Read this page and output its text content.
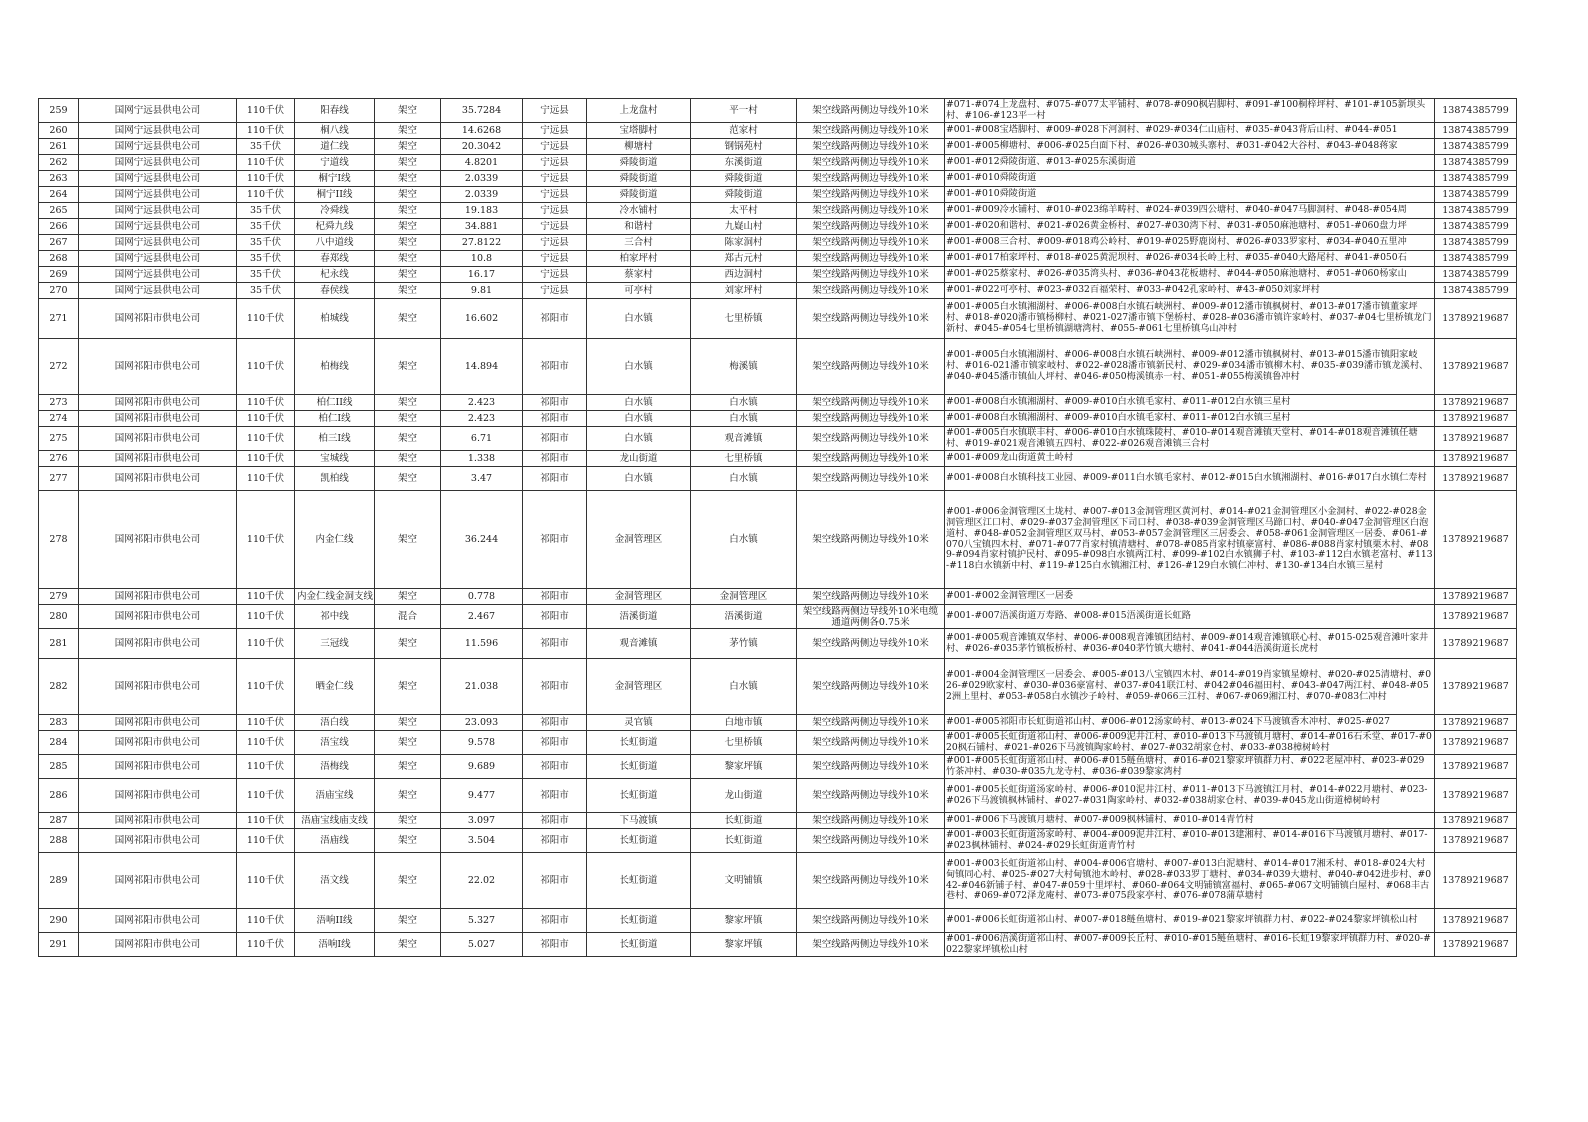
259	国网宁远县供电公司	110千伏	阳春线	架空	35.7284	宁远县	上龙盘村	平一村	架空线路两侧边导线外10米	#071-#074上龙盘村、#075-#077太平铺村、#078-#090枫岩脚村、#091-#100桐梓坪村、#101-#105新坝头村、#106-#123平一村	13874385799
260	国网宁远县供电公司	110千伏	桐八线	架空	14.6268	宁远县	宝塔脚村	范家村	架空线路两侧边导线外10米	#001-#008宝塔脚村、#009-#028下河洞村、#029-#034仁山庙村、#035-#043背后山村、#044-#051	13874385799
261	国网宁远县供电公司	35千伏	道仁线	架空	20.3042	宁远县	柳塘村	钢锅苑村	架空线路两侧边导线外10米	#001-#005柳塘村、#006-#025白面下村、#026-#030城头寨村、#031-#042大谷村、#043-#048蒋家	13874385799
262	国网宁远县供电公司	110千伏	宁道线	架空	4.8201	宁远县	舜陵街道	东溪街道	架空线路两侧边导线外10米	#001-#012舜陵街道、#013-#025东溪街道	13874385799
263	国网宁远县供电公司	110千伏	桐宁I线	架空	2.0339	宁远县	舜陵街道	舜陵街道	架空线路两侧边导线外10米	#001-#010舜陵街道	13874385799
264	国网宁远县供电公司	110千伏	桐宁II线	架空	2.0339	宁远县	舜陵街道	舜陵街道	架空线路两侧边导线外10米	#001-#010舜陵街道	13874385799
265	国网宁远县供电公司	35千伏	冷舜线	架空	19.183	宁远县	冷水铺村	太平村	架空线路两侧边导线外10米	#001-#009冷水铺村、#010-#023绵羊畴村、#024-#039四公塘村、#040-#047马脚洞村、#048-#054周	13874385799
266	国网宁远县供电公司	35千伏	杞舜九线	架空	34.881	宁远县	和谐村	九嶷山村	架空线路两侧边导线外10米	#001-#020和谐村、#021-#026黄金桥村、#027-#030湾下村、#031-#050麻池塘村、#051-#060盘力坪	13874385799
267	国网宁远县供电公司	35千伏	八中道线	架空	27.8122	宁远县	三合村	陈家洞村	架空线路两侧边导线外10米	#001-#008三合村、#009-#018鸡公岭村、#019-#025野鹿岗村、#026-#033罗家村、#034-#040五里冲	13874385799
268	国网宁远县供电公司	35千伏	春郑线	架空	10.8	宁远县	柏家坪村	郑古元村	架空线路两侧边导线外10米	#001-#017柏家坪村、#018-#025黄泥坝村、#026-#034长岭上村、#035-#040大路尾村、#041-#050石	13874385799
269	国网宁远县供电公司	35千伏	杞永线	架空	16.17	宁远县	蔡家村	西边洞村	架空线路两侧边导线外10米	#001-#025蔡家村、#026-#035湾头村、#036-#043花板塘村、#044-#050麻池塘村、#051-#060杨家山	13874385799
270	国网宁远县供电公司	35千伏	春侯线	架空	9.81	宁远县	可亭村	刘家坪村	架空线路两侧边导线外10米	#001-#022可亭村、#023-#032百福荣村、#033-#042孔家岭村、#43-#050刘家坪村	13874385799
271	国网祁阳市供电公司	110千伏	柏城线	架空	16.602	祁阳市	白水镇	七里桥镇	架空线路两侧边导线外10米	#001-#005白水镇湘湖村、#006-#008白水镇石峡洲村、#009-#012潘市镇枫树村、#013-#017潘市镇董家坪村、#018-#020潘市镇杨柳村、#021-027潘市镇下堡桥村、#028-#036潘市镇许家岭村、#037-#04七里桥镇龙门新村、#045-#054七里桥镇湖塘湾村、#055-#061七里桥镇乌山冲村	13789219687
272	国网祁阳市供电公司	110千伏	柏梅线	架空	14.894	祁阳市	白水镇	梅溪镇	架空线路两侧边导线外10米	#001-#005白水镇湘湖村、#006-#008白水镇石峡洲村、#009-#012潘市镇枫树村、#013-#015潘市镇阳家岐村、#016-021潘市镇家岐村、#022-#028潘市镇新民村、#029-#034潘市镇柳木村、#035-#039潘市镇龙溪村、#040-#045潘市镇仙人坪村、#046-#050梅溪镇赤一村、#051-#055梅溪镇鲁冲村	13789219687
273	国网祁阳市供电公司	110千伏	柏仁II线	架空	2.423	祁阳市	白水镇	白水镇	架空线路两侧边导线外10米	#001-#008白水镇湘湖村、#009-#010白水镇毛家村、#011-#012白水镇三星村	13789219687
274	国网祁阳市供电公司	110千伏	柏仁I线	架空	2.423	祁阳市	白水镇	白水镇	架空线路两侧边导线外10米	#001-#008白水镇湘湖村、#009-#010白水镇毛家村、#011-#012白水镇三星村	13789219687
275	国网祁阳市供电公司	110千伏	柏三I线	架空	6.71	祁阳市	白水镇	观音滩镇	架空线路两侧边导线外10米	#001-#005白水镇联丰村、#006-#010白水镇珠陵村、#010-#014观音滩镇天堂村、#014-#018观音滩镇任塘村、#019-#021观音滩镇五四村、#022-#026观音滩镇三合村	13789219687
276	国网祁阳市供电公司	110千伏	宝城线	架空	1.338	祁阳市	龙山街道	七里桥镇	架空线路两侧边导线外10米	#001-#009龙山街道黄土岭村	13789219687
277	国网祁阳市供电公司	110千伏	凯柏线	架空	3.47	祁阳市	白水镇	白水镇	架空线路两侧边导线外10米	#001-#008白水镇科技工业园、#009-#011白水镇毛家村、#012-#015白水镇湘湖村、#016-#017白水镇仁寿村	13789219687
278	国网祁阳市供电公司	110千伏	内金仁线	架空	36.244	祁阳市	金洞管理区	白水镇	架空线路两侧边导线外10米	#001-#006金洞管理区土垅村、#007-#013金洞管理区黄河村、#014-#021金洞管理区小金洞村、#022-#028金洞管理区江口村、#029-#037金洞管理区下司口村、#038-#039金洞管理区马蹄口村、#040-#047金洞管理区白泡道村、#048-#052金洞管理区双马村、#053-#057金洞管理区三居委会、#058-#061金洞管理区一居委、#061-#070八宝镇四木村、#071-#077肖家村镇清塘村、#078-#085肖家村镇豪富村、#086-#088肖家村镇栗木村、#089-#094肖家村镇护民村、#095-#098白水镇两江村、#099-#102白水镇狮子村、#103-#112白水镇老富村、#113-#118白水镇新中村、#119-#125白水镇湘江村、#126-#129白水镇仁冲村、#130-#134白水镇三星村	13789219687
279	国网祁阳市供电公司	110千伏	内金仁线金洞支线	架空	0.778	祁阳市	金洞管理区	金洞管理区	架空线路两侧边导线外10米	#001-#002金洞管理区一居委	13789219687
280	国网祁阳市供电公司	110千伏	祁中线	混合	2.467	祁阳市	浯溪街道	浯溪街道	架空线路两侧边导线外10米电缆通道两侧各0.75米	#001-#007浯溪街道万寿路、#008-#015浯溪街道长虹路	13789219687
281	国网祁阳市供电公司	110千伏	三冠线	架空	11.596	祁阳市	观音滩镇	茅竹镇	架空线路两侧边导线外10米	#001-#005观音滩镇双华村、#006-#008观音滩镇团结村、#009-#014观音滩镇联心村、#015-025观音滩叶家井村、#026-#035茅竹镇板桥村、#036-#040茅竹镇大塘村、#041-#044浯溪街道长虎村	13789219687
282	国网祁阳市供电公司	110千伏	晒金仁线	架空	21.038	祁阳市	金洞管理区	白水镇	架空线路两侧边导线外10米	#001-#004金洞管理区一居委会、#005-#013八宝镇四木村、#014-#019肖家镇星燎村、#020-#025清塘村、#026-#029欧家村、#030-#036豪富村、#037-#041联江村、#042#046福田村、#043-#047两江村、#048-#052洲上里村、#053-#058白水镇沙子岭村、#059-#066三江村、#067-#069湘江村、#070-#083仁冲村	13789219687
283	国网祁阳市供电公司	110千伏	浯白线	架空	23.093	祁阳市	灵官镇	白地市镇	架空线路两侧边导线外10米	#001-#005祁阳市长虹街道祁山村、#006-#012汤家岭村、#013-#024下马渡镇香木冲村、#025-#027	13789219687
284	国网祁阳市供电公司	110千伏	浯宝线	架空	9.578	祁阳市	长虹街道	七里桥镇	架空线路两侧边导线外10米	#001-#005长虹街道祁山村、#006-#009泥井江村、#010-#013下马渡镇月塘村、#014-#016石禾堂、#017-#020枫石铺村、#021-#026下马渡镇陶家岭村、#027-#032胡家仓村、#033-#038樟树岭村	13789219687
285	国网祁阳市供电公司	110千伏	浯梅线	架空	9.689	祁阳市	长虹街道	黎家坪镇	架空线路两侧边导线外10米	#001-#005长虹街道祁山村、#006-#015鲢鱼塘村、#016-#021黎家坪镇群力村、#022老屋冲村、#023-#029竹茶冲村、#030-#035九龙寺村、#036-#039黎家湾村	13789219687
286	国网祁阳市供电公司	110千伏	浯庙宝线	架空	9.477	祁阳市	长虹街道	龙山街道	架空线路两侧边导线外10米	#001-#005长虹街道汤家岭村、#006-#010泥井江村、#011-#013下马渡镇江月村、#014-#022月塘村、#023-#026下马渡镇枫林铺村、#027-#031陶家岭村、#032-#038胡家仓村、#039-#045龙山街道樟树岭村	13789219687
287	国网祁阳市供电公司	110千伏	浯庙宝线庙支线	架空	3.097	祁阳市	下马渡镇	长虹街道	架空线路两侧边导线外10米	#001-#006下马渡镇月塘村、#007-#009枫林铺村、#010-#014青竹村	13789219687
288	国网祁阳市供电公司	110千伏	浯庙线	架空	3.504	祁阳市	长虹街道	长虹街道	架空线路两侧边导线外10米	#001-#003长虹街道汤家岭村、#004-#009泥井江村、#010-#013建湘村、#014-#016下马渡镇月塘村、#017-#023枫林铺村、#024-#029长虹街道青竹村	13789219687
289	国网祁阳市供电公司	110千伏	浯文线	架空	22.02	祁阳市	长虹街道	文明铺镇	架空线路两侧边导线外10米	#001-#003长虹街道祁山村、#004-#006官塘村、#007-#013白泥塘村、#014-#017湘禾村、#018-#024大村甸镇同心村、#025-#027大村甸镇池木岭村、#028-#033罗丁塘村、#034-#039大塘村、#040-#042进步村、#042-#046新铺子村、#047-#059十里坪村、#060-#064文明铺镇富福村、#065-#067文明铺镇白屋村、#068丰古巷村、#069-#072泽龙庵村、#073-#075段家亭村、#076-#078蒲草塘村	13789219687
290	国网祁阳市供电公司	110千伏	浯响II线	架空	5.327	祁阳市	长虹街道	黎家坪镇	架空线路两侧边导线外10米	#001-#006长虹街道祁山村、#007-#018鲢鱼塘村、#019-#021黎家坪镇群力村、#022-#024黎家坪镇松山村	13789219687
291	国网祁阳市供电公司	110千伏	浯响I线	架空	5.027	祁阳市	长虹街道	黎家坪镇	架空线路两侧边导线外10米	#001-#006浯溪街道祁山村、#007-#009长丘村、#010-#015鲢鱼塘村、#016-长虹19黎家坪镇群力村、#020-#022黎家坪镇松山村	13789219687
